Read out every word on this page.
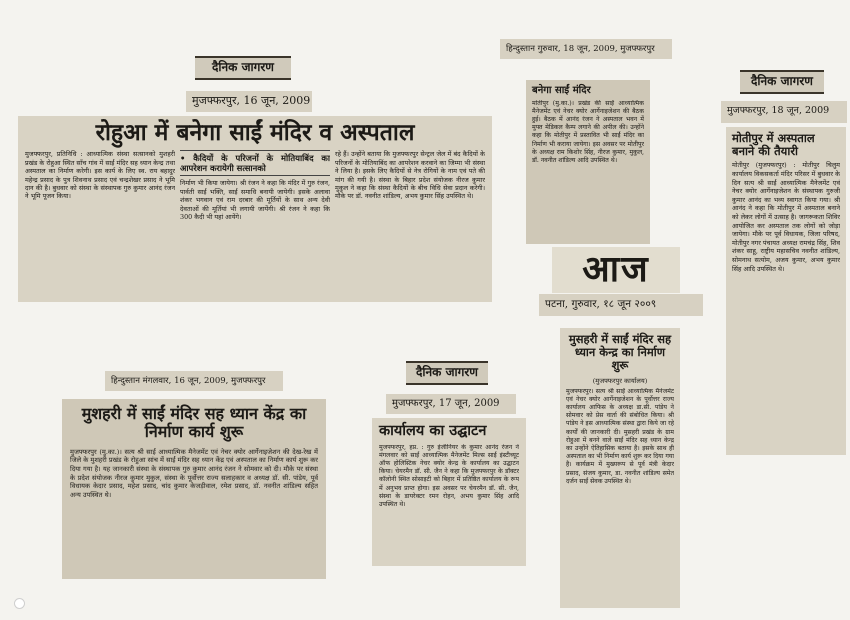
दैनिक जागरण
मुजफ्फरपुर, 16 जून, 2009
रोहुआ में बनेगा साईं मंदिर व अस्पताल
मुजफ्फरपुर, प्रतिनिधि : आध्यात्मिक संस्था सत्सानको मुशहरी प्रखंड के रोहुआ स्थित साँच गांव में साईं मंदिर सह ध्यान केन्द्र तथा अस्पताल का निर्माण करेगी। इस कार्य के लिए स्व. राय बहादुर महेन्द्र प्रसाद के पुत्र शिवनाथ प्रसाद एवं चन्द्रशेखर प्रसाद ने भूमि दान की है। बुधवार को संस्था के संस्थापक गुरु कुमार आनंद रंजन ने भूमि पूजन किया।
• कैदियों के परिजनों के मोतियाबिंद का आपरेशन करायेगी सत्सानको
निर्माण भी किया जायेगा। श्री रंजन ने कहा कि मंदिर में गुरु रंजन, पार्वती साईं भक्ति, साईं समाधि बनायी जायेगी। इसके अलावा शंकर भगवान एवं राम दरबार की मूर्तियों के साथ अन्य देवी देवताओं की मूर्तियां भी लगायी जायेंगी। श्री रंजन ने कहा कि 300 कैदी भी यहां आयेंगे।
रहे हैं। उन्होंने बताया कि मुजफ्फरपुर सेन्ट्रल जेल में बंद कैदियों के परिजनों के मोतियाबिंद का आपरेशन करवाने का जिम्मा भी संस्था ने लिया है। इसके लिए कैदियों से नेत्र रोगियों के नाम एवं पते की मांग की गयी है। संस्था के बिहार प्रदेश संयोजक नीरज कुमार मुकुल ने कहा कि संस्था कैदियों के बीच विधि सेवा प्रदान करेगी। मौके पर डॉ. नवनीत शांडिल्य, अभय कुमार सिंह उपस्थित थे।
हिन्दुस्तान मंगलवार, 16 जून, 2009, मुजफ्फरपुर
मुशहरी में साईं मंदिर सह ध्यान केंद्र का निर्माण कार्य शुरू
मुजफ्फरपुर (मु.का.)। सत्य श्री साईं आध्यात्मिक मैनेजमेंट एवं नेचर क्योर आर्गेनाइजेशन की देख-रेख में जिले के मुशहरी प्रखंड के रोहुआ सांच में साईं मंदिर सह ध्यान केंद्र एवं अस्पताल का निर्माण कार्य शुरू कर दिया गया है। यह जानकारी संस्था के संस्थापक गुरु कुमार आनंद रंजन ने सोमवार को दी। मौके पर संस्था के प्रदेश संयोजक नीरज कुमार मुकुल, संस्था के पूर्वोत्तर राज्य सलाहकार व अध्यक्ष डॉ. सी. पांडेय, पूर्व विधायक केदार प्रसाद, महेश प्रसाद, चांद कुमार केजड़ीवाल, रमेश प्रसाद, डॉ. नवनीत शांडिल्य सहित अन्य उपस्थित थे।
दैनिक जागरण
मुजफ्फरपुर, 17 जून, 2009
कार्यालय का उद्घाटन
मुजफ्फरपुर, हप्र. : गुरु इंजीनियर के कुमार आनंद रंजन ने मंगलवार को साईं आध्यात्मिक मैनेजमेंट मिल्स साईं इंस्टीच्यूट ऑफ होलिस्टिक नेचर क्योर केन्द्र के कार्यालय का उद्घाटन किया। चेयरमैन डॉ. सी. जैन ने कहा कि मुजफ्फरपुर के डॉक्टर कॉलोनी स्थित सोसाइटी को बिहार में प्रतिष्ठित कार्यालय के रूप में अनुभव प्राप्त होगा। इस अवसर पर चेयरमैन डॉ. सी. जैन, संस्था के डायरेक्टर रमन रोहन, अभय कुमार सिंह आदि उपस्थित थे।
हिन्दुस्तान गुरुवार, 18 जून, 2009, मुजफ्फरपुर
बनेगा साईं मंदिर
मोतीपुर (मु.का.)। प्रखंड की साईं आध्यात्मिक मैनेजमेंट एवं नेचर क्योर आर्गेनाइजेशन की बैठक हुई। बैठक में आनंद रंजन ने अस्पताल भवन में मुफ्त मेडिकल कैम्प लगाने की अपील की। उन्होंने कहा कि मोतीपुर में प्रस्तावित भी साईं मंदिर का निर्माण भी कराया जायेगा। इस अवसर पर मोतीपुर के अध्यक्ष राम किशोर सिंह, नीरज कुमार, मुकुल, डॉ. नवनीत शांडिल्य आदि उपस्थित थे।
आज
पटना, गुरुवार, १८ जून २००९
मुसहरी में साईं मंदिर सह ध्यान केन्द्र का निर्माण शुरू
(मुजफ्फरपुर कार्यालय)
मुजफ्फरपुर। सत्य श्री साईं आध्यात्मिक मैनेजमेंट एवं नेचर क्योर आर्गेनाइजेशन के पूर्वोत्तर राज्य कार्यालय आफिस के अध्यक्ष डा.सी. पांडेय ने सोमवार को प्रेस वार्ता की संबोधित किया। श्री पांडेय ने इस आध्यात्मिक संस्था द्वारा किये जा रहे कार्यों की जानकारी दी। मुसहरी प्रखंड के ग्राम रोहुआ में बनने वाले साईं मंदिर सह ध्यान केन्द्र का उन्होंने ऐतिहासिक बताया है। इसके साथ ही अस्पताल का भी निर्माण कार्य शुरू कर दिया गया है। कार्यक्रम में मुख्यरूप से पूर्व मंत्री केदार प्रसाद, संजय कुमार, डा. नवनीत शांडिल्य समेत दर्जन साईं सेवक उपस्थित थे।
दैनिक जागरण
मुजफ्फरपुर, 18 जून, 2009
मोतीपुर में अस्पताल बनाने की तैयारी
मोतीपुर (मुजफ्फरपुर) : मोतीपुर चिलुम कार्यालय विकसकर्ता मंदिर परिसर में बुधवार के दिन सत्य श्री साईं आध्यात्मिक मैनेजमेंट एवं नेचर क्योर आर्गेनाइजेशन के संस्थापक गुरुजी कुमार आनंद का भव्य स्वागत किया गया। श्री आनंद ने कहा कि मोतीपुर में अस्पताल बनाने को लेकर लोगों में उत्साह है। जागरूकता शिविर आयोजित कर अस्पताल तक लोगों को जोड़ा जायेगा। मौके पर पूर्व विधायक, जिला परिषद, मोतीपुर नगर पंचायत अध्यक्ष रामचंद्र सिंह, शिव शंकर साहू, राष्ट्रीय महासचिव नवनीत शांडिल्य, सोमनाथ सत्योम, अजय कुमार, अभय कुमार सिंह आदि उपस्थित थे।
